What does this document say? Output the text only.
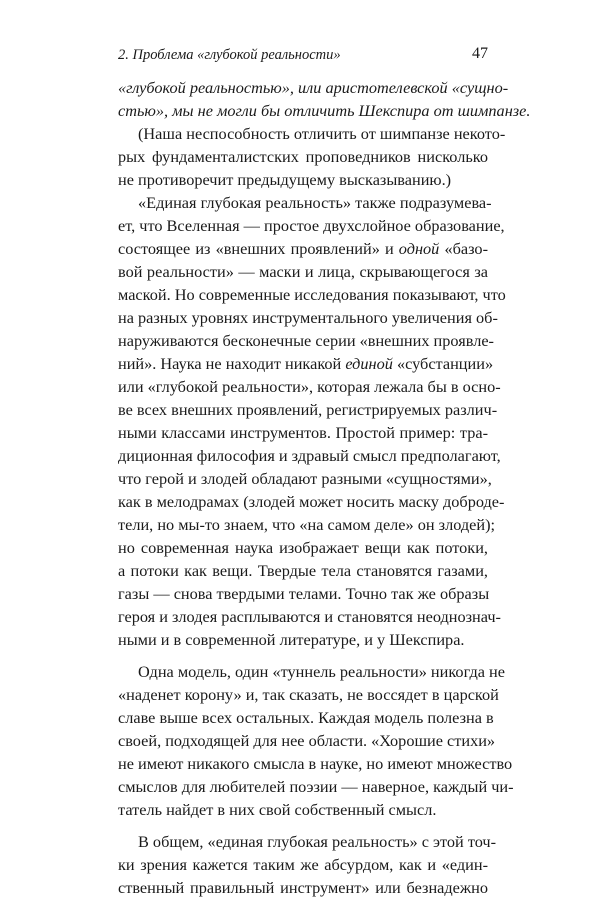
2. Проблема «глубокой реальности»	47
«глубокой реальностью», или аристотелевской «сущно-
стью», мы не могли бы отличить Шекспира от шимпанзе.
(Наша неспособность отличить от шимпанзе некото-
рых фундаменталистских проповедников нисколько
не противоречит предыдущему высказыванию.)
«Единая глубокая реальность» также подразумева-
ет, что Вселенная — простое двухслойное образование,
состоящее из «внешних проявлений» и одной «базо-
вой реальности» — маски и лица, скрывающегося за
маской. Но современные исследования показывают, что
на разных уровнях инструментального увеличения об-
наруживаются бесконечные серии «внешних проявле-
ний». Наука не находит никакой единой «субстанции»
или «глубокой реальности», которая лежала бы в осно-
ве всех внешних проявлений, регистрируемых различ-
ными классами инструментов. Простой пример: тра-
диционная философия и здравый смысл предполагают,
что герой и злодей обладают разными «сущностями»,
как в мелодрамах (злодей может носить маску доброде-
тели, но мы-то знаем, что «на самом деле» он злодей);
но современная наука изображает вещи как потоки,
а потоки как вещи. Твердые тела становятся газами,
газы — снова твердыми телами. Точно так же образы
героя и злодея расплываются и становятся неоднознач-
ными и в современной литературе, и у Шекспира.
Одна модель, один «туннель реальности» никогда не
«наденет корону» и, так сказать, не воссядет в царской
славе выше всех остальных. Каждая модель полезна в
своей, подходящей для нее области. «Хорошие стихи»
не имеют никакого смысла в науке, но имеют множество
смыслов для любителей поэзии — наверное, каждый чи-
татель найдет в них свой собственный смысл.
В общем, «единая глубокая реальность» с этой точ-
ки зрения кажется таким же абсурдом, как и «един-
ственный правильный инструмент» или безнадежно
